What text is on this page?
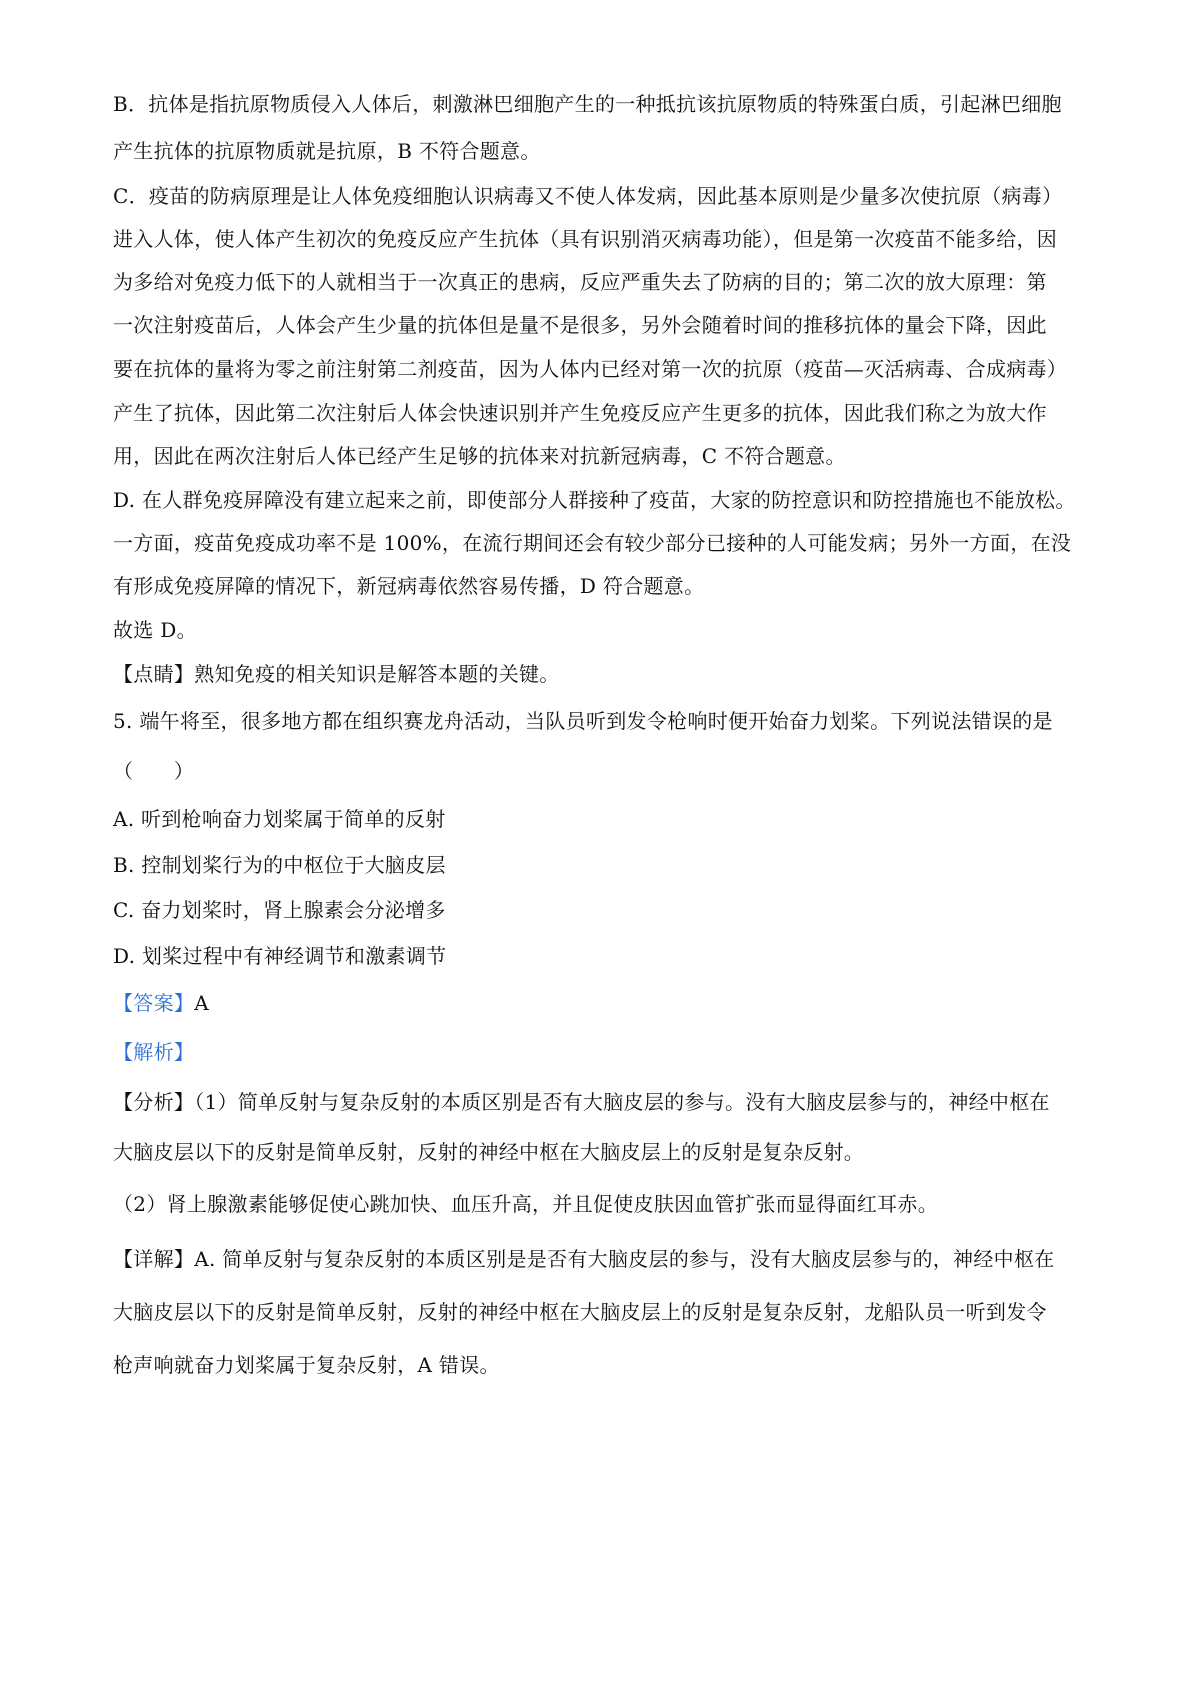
B．抗体是指抗原物质侵入人体后，刺激淋巴细胞产生的一种抵抗该抗原物质的特殊蛋白质，引起淋巴细胞
产生抗体的抗原物质就是抗原，B 不符合题意。
C．疫苗的防病原理是让人体免疫细胞认识病毒又不使人体发病，因此基本原则是少量多次使抗原（病毒）
进入人体，使人体产生初次的免疫反应产生抗体（具有识别消灭病毒功能），但是第一次疫苗不能多给，因
为多给对免疫力低下的人就相当于一次真正的患病，反应严重失去了防病的目的；第二次的放大原理：第
一次注射疫苗后，人体会产生少量的抗体但是量不是很多，另外会随着时间的推移抗体的量会下降，因此
要在抗体的量将为零之前注射第二剂疫苗，因为人体内已经对第一次的抗原（疫苗—灭活病毒、合成病毒）
产生了抗体，因此第二次注射后人体会快速识别并产生免疫反应产生更多的抗体，因此我们称之为放大作
用，因此在两次注射后人体已经产生足够的抗体来对抗新冠病毒，C 不符合题意。
D. 在人群免疫屏障没有建立起来之前，即使部分人群接种了疫苗，大家的防控意识和防控措施也不能放松。
一方面，疫苗免疫成功率不是 100%，在流行期间还会有较少部分已接种的人可能发病；另外一方面，在没
有形成免疫屏障的情况下，新冠病毒依然容易传播，D 符合题意。
故选 D。
【点睛】熟知免疫的相关知识是解答本题的关键。
5. 端午将至，很多地方都在组织赛龙舟活动，当队员听到发令枪响时便开始奋力划桨。下列说法错误的是
（　　）
A. 听到枪响奋力划桨属于简单的反射
B. 控制划桨行为的中枢位于大脑皮层
C. 奋力划桨时，肾上腺素会分泌增多
D. 划桨过程中有神经调节和激素调节
【答案】A
【解析】
【分析】（1）简单反射与复杂反射的本质区别是否有大脑皮层的参与。没有大脑皮层参与的，神经中枢在
大脑皮层以下的反射是简单反射，反射的神经中枢在大脑皮层上的反射是复杂反射。
（2）肾上腺激素能够促使心跳加快、血压升高，并且促使皮肤因血管扩张而显得面红耳赤。
【详解】A. 简单反射与复杂反射的本质区别是是否有大脑皮层的参与，没有大脑皮层参与的，神经中枢在
大脑皮层以下的反射是简单反射，反射的神经中枢在大脑皮层上的反射是复杂反射，龙船队员一听到发令
枪声响就奋力划桨属于复杂反射，A 错误。
